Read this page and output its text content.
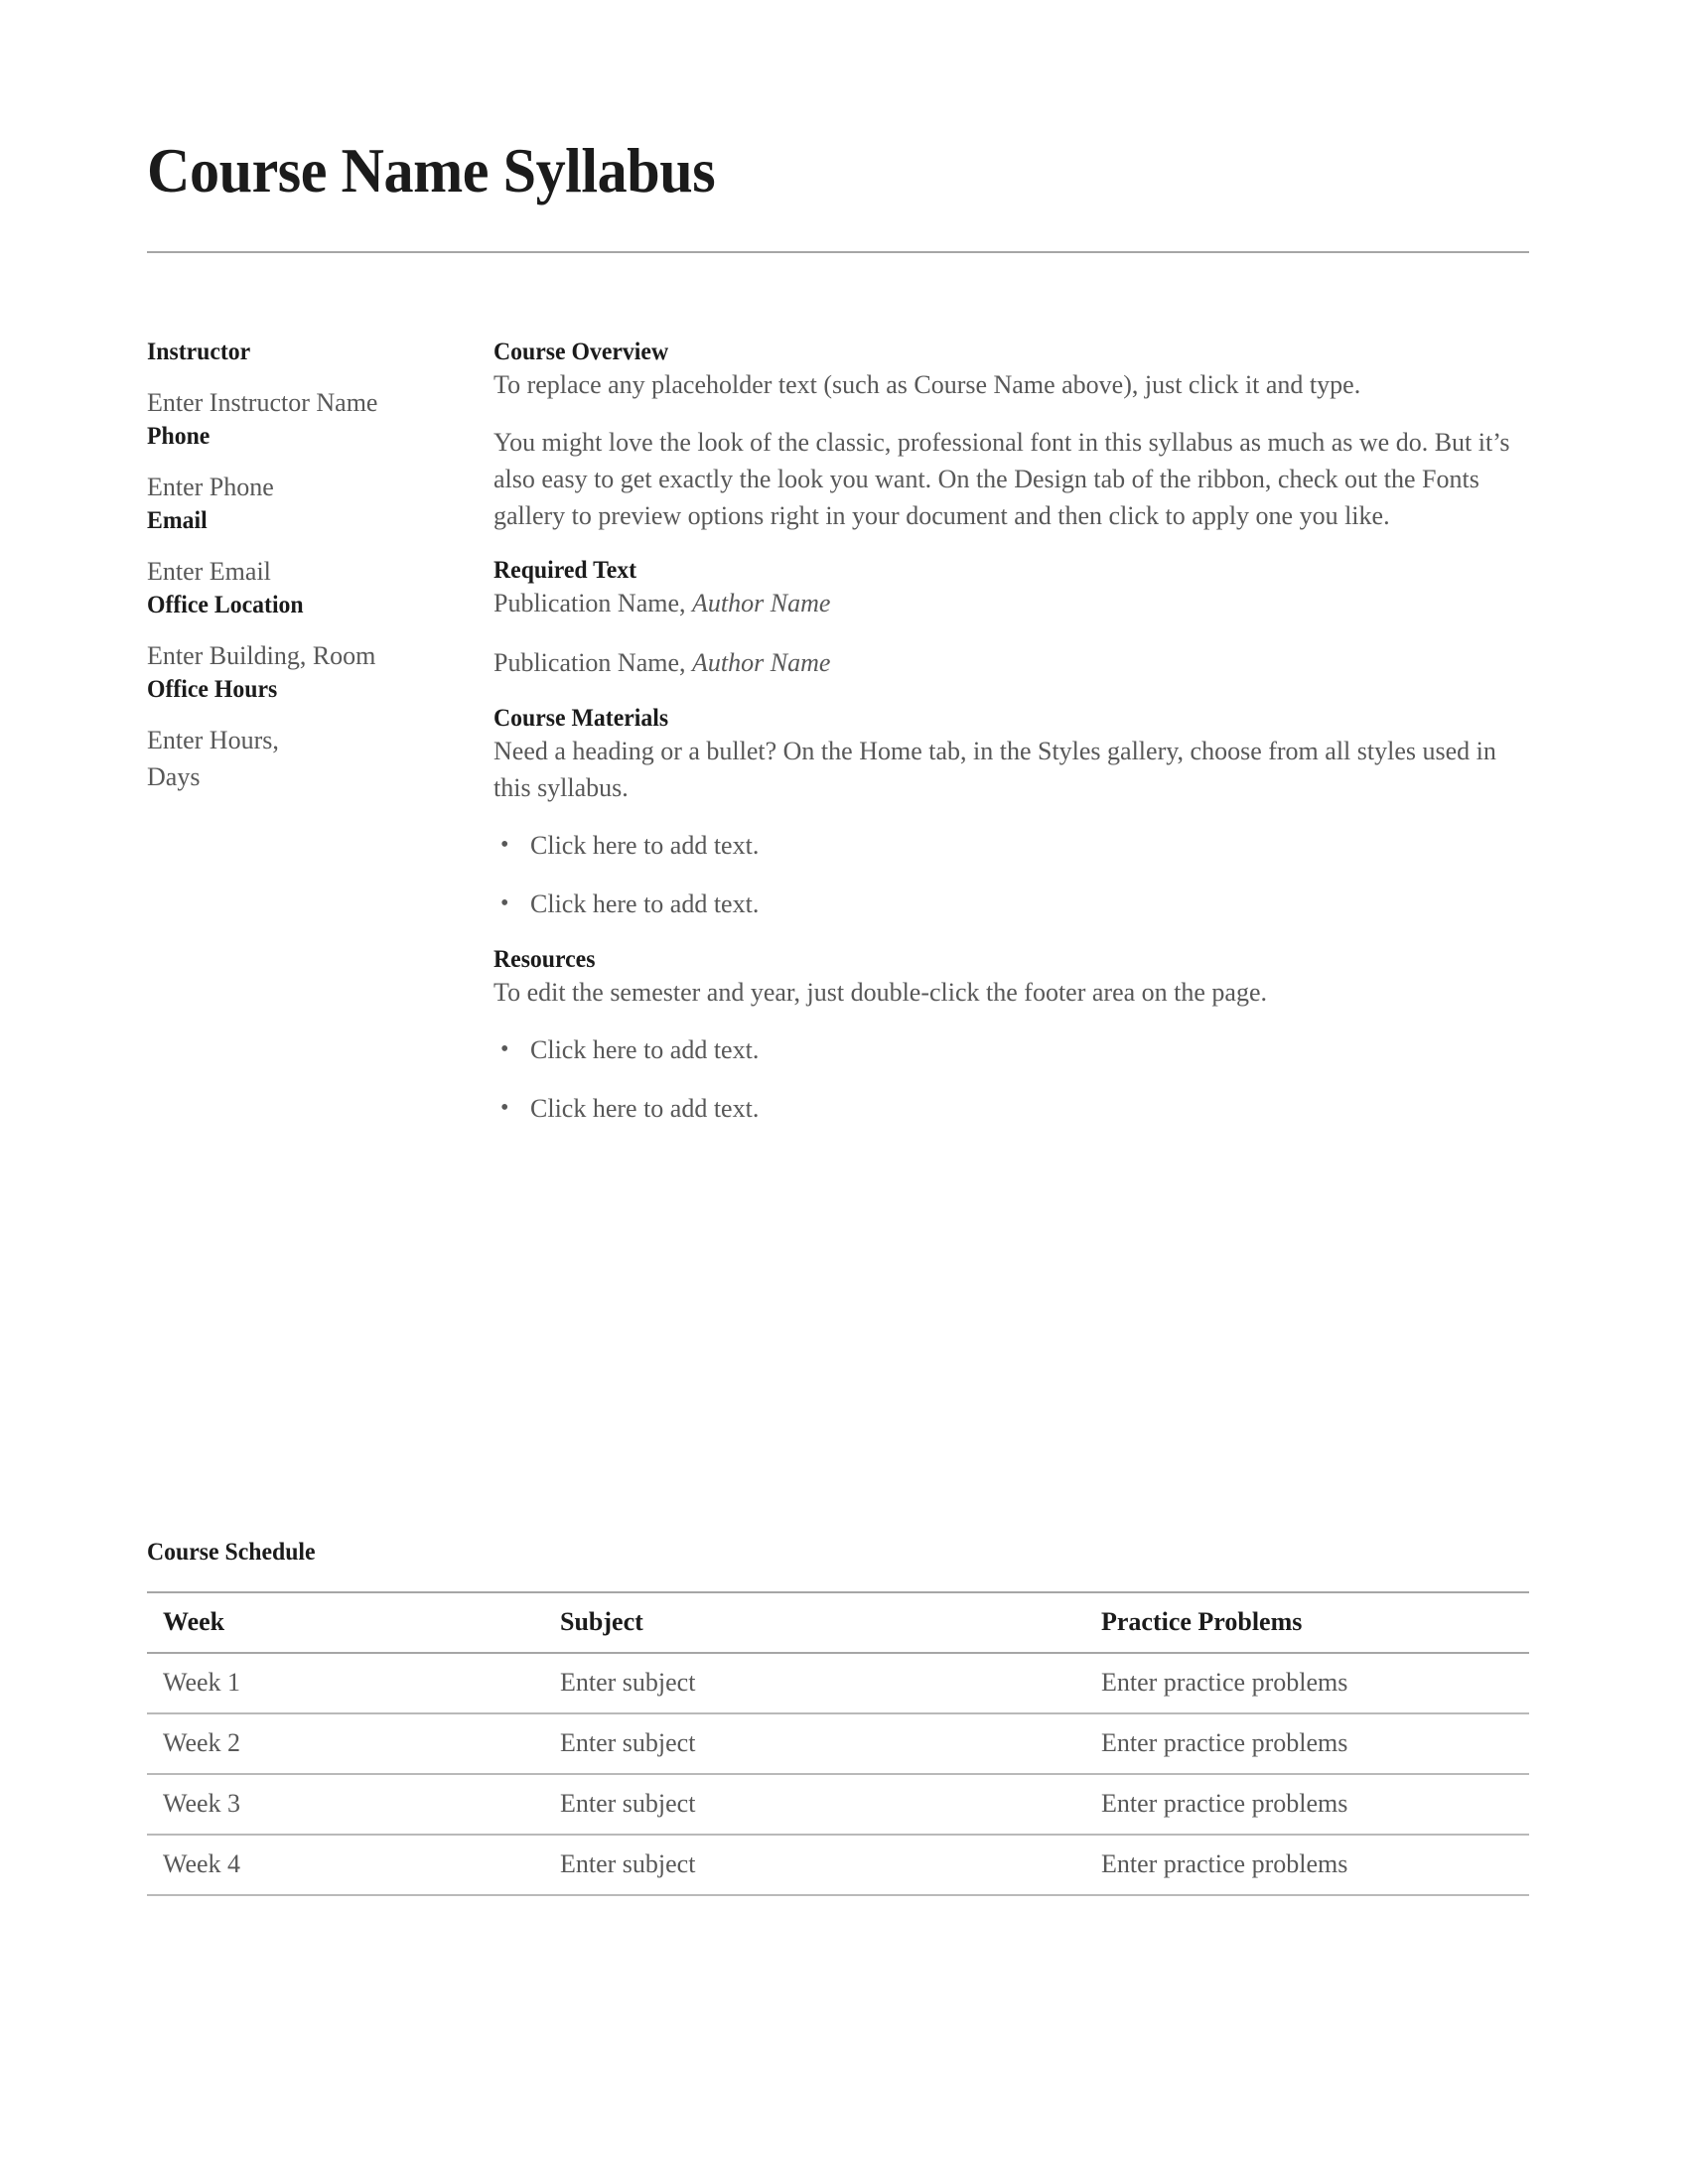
Course Name Syllabus
Instructor
Enter Instructor Name
Phone
Enter Phone
Email
Enter Email
Office Location
Enter Building, Room
Office Hours
Enter Hours,
Days
Course Overview

To replace any placeholder text (such as Course Name above), just click it and type.

You might love the look of the classic, professional font in this syllabus as much as we do. But it’s also easy to get exactly the look you want. On the Design tab of the ribbon, check out the Fonts gallery to preview options right in your document and then click to apply one you like.

Required Text

Publication Name, Author Name

Publication Name, Author Name

Course Materials

Need a heading or a bullet? On the Home tab, in the Styles gallery, choose from all styles used in this syllabus.

• Click here to add text.
• Click here to add text.
Resources

To edit the semester and year, just double-click the footer area on the page.

• Click here to add text.
• Click here to add text.
Course Schedule
Week	Subject	Practice Problems
Week 1	Enter subject	Enter practice problems
Week 2	Enter subject	Enter practice problems
Week 3	Enter subject	Enter practice problems
Week 4	Enter subject	Enter practice problems
